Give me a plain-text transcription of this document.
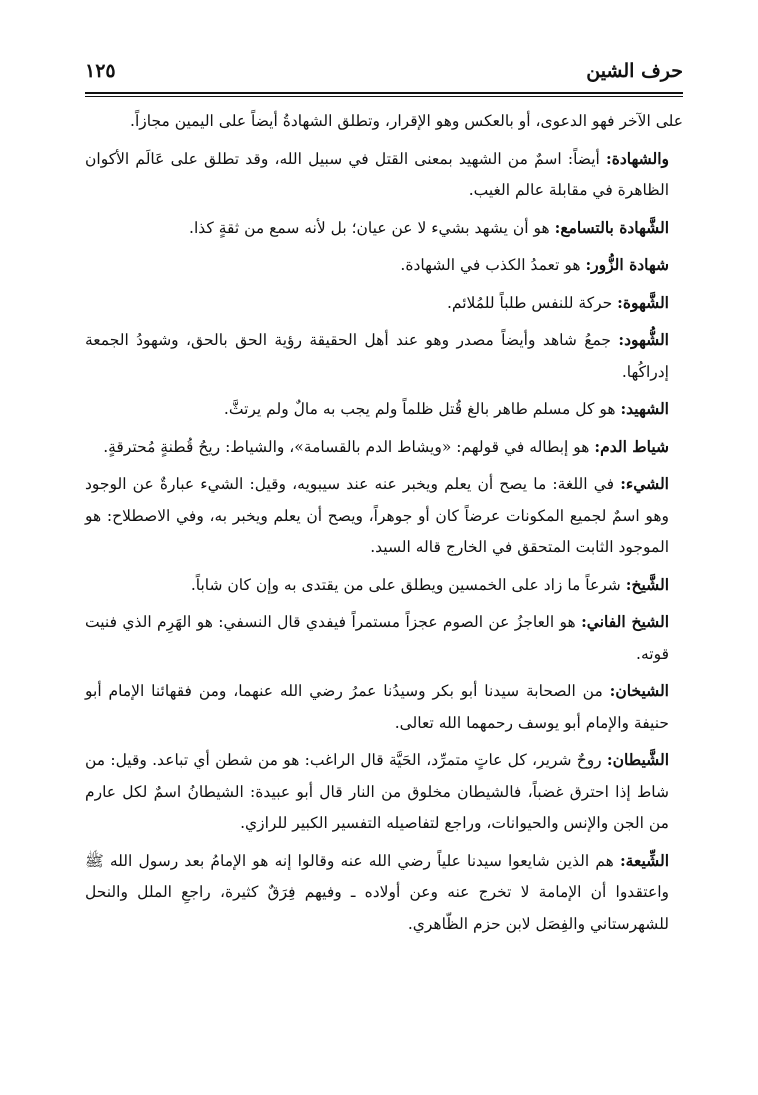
١٢٥	حرف الشين

على الآخر فهو الدعوى، أو بالعكس وهو الإقرار، وتطلق الشهادةُ أيضاً على اليمين مجازاً.

والشهادة: أيضاً: اسمٌ من الشهيد بمعنى القتل في سبيل الله، وقد تطلق على عَالَم الأكوان الظاهرة في مقابلة عالم الغيب.

الشَّهادة بالتسامع: هو أن يشهد بشيء لا عن عيان؛ بل لأنه سمع من ثقةٍ كذا.

شهادة الزُّور: هو تعمدُ الكذب في الشهادة.

الشَّهوة: حركة للنفس طلباً للمُلائم.

الشُّهود: جمعُ شاهد وأيضاً مصدر وهو عند أهل الحقيقة رؤية الحق بالحق، وشهودُ الجمعة إدراكُها.

الشهيد: هو كل مسلم طاهر بالغ قُتل ظلماً ولم يجب به مالٌ ولم يرتثَّ.

شياط الدم: هو إبطاله في قولهم: «ويشاط الدم بالقسامة»، والشياط: ريحُ قُطنةٍ مُحترقةٍ.

الشيء: في اللغة: ما يصح أن يعلم ويخبر عنه عند سيبويه، وقيل: الشيء عبارةٌ عن الوجود وهو اسمٌ لجميع المكونات عرضاً كان أو جوهراً، ويصح أن يعلم ويخبر به، وفي الاصطلاح: هو الموجود الثابت المتحقق في الخارج قاله السيد.

الشَّيخ: شرعاً ما زاد على الخمسين ويطلق على من يقتدى به وإن كان شاباً.

الشيخ الفاني: هو العاجزُ عن الصوم عجزاً مستمراً فيفدي قال النسفي: هو الهَرِم الذي فنيت قوته.

الشيخان: من الصحابة سيدنا أبو بكر وسيدُنا عمرُ رضي الله عنهما، ومن فقهائنا الإمام أبو حنيفة والإمام أبو يوسف رحمهما الله تعالى.

الشَّيطان: روحٌ شرير، كل عاتٍ متمرِّد، الحَيَّة قال الراغب: هو من شطن أي تباعد. وقيل: من شاط إذا احترق غضباً، فالشيطان مخلوق من النار قال أبو عبيدة: الشيطانُ اسمٌ لكل عارم من الجن والإنس والحيوانات، وراجع لتفاصيله التفسير الكبير للرازي.

الشِّيعة: هم الذين شايعوا سيدنا علياً رضي الله عنه وقالوا إنه هو الإمامُ بعد رسول الله ﷺ واعتقدوا أن الإمامة لا تخرج عنه وعن أولاده ـ وفيهم فِرَقٌ كثيرة، راجعِ الملل والنحل للشهرستاني والفِصَل لابن حزم الظّاهري.
